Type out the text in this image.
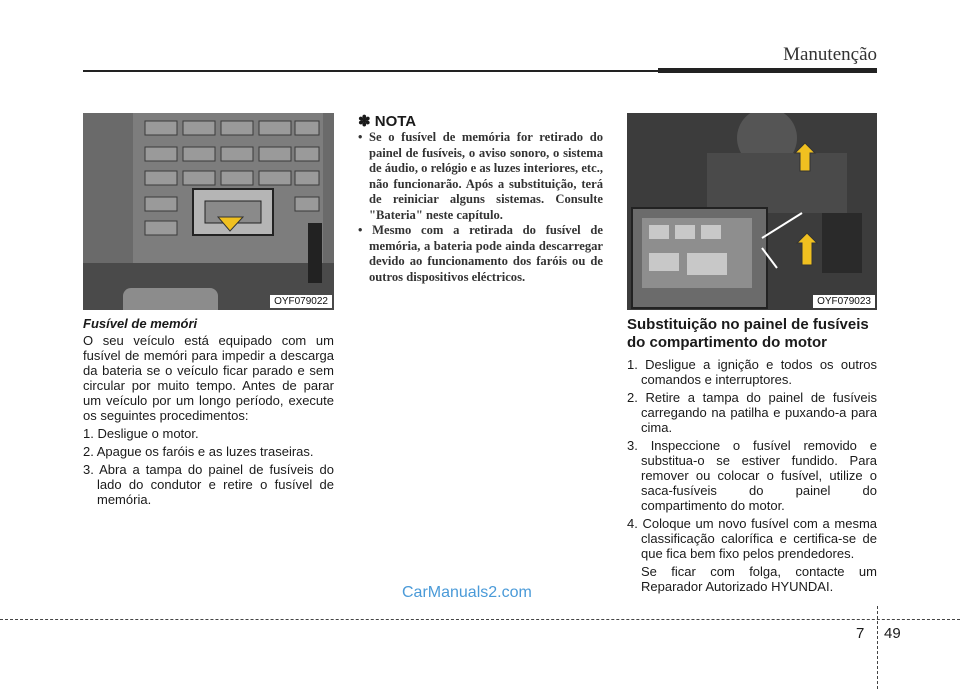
Manutenção
OYF079022
Fusível de memóri

O seu veículo está equipado com um fusível de memóri para impedir a descarga da bateria se o veículo ficar parado e sem circular por muito tempo. Antes de parar um veículo por um longo período, execute os seguintes procedimentos:

1. Desligue o motor.
2. Apague os faróis e as luzes traseiras.
3. Abra a tampa do painel de fusíveis do lado do condutor e retire o fusível de memória.
✽ NOTA

• Se o fusível de memória for retirado do painel de fusíveis, o aviso sonoro, o sistema de áudio, o relógio e as luzes interiores, etc., não funcionarão. Após a substituição, terá de reiniciar alguns sistemas. Consulte "Bateria" neste capítulo.

• Mesmo com a retirada do fusível de memória, a bateria pode ainda descarregar devido ao funcionamento dos faróis ou de outros dispositivos eléctricos.

OYF079023
Substituição no painel de fusíveis
do compartimento do motor
1. Desligue a ignição e todos os outros comandos e interruptores.
2. Retire a tampa do painel de fusíveis carregando na patilha e puxando-a para cima.
3. Inspeccione o fusível removido e substitua-o se estiver fundido. Para remover ou colocar o fusível, utilize o saca-fusíveis do painel do compartimento do motor.
4. Coloque um novo fusível com a mesma classificação calorífica e certifica-se de que fica bem fixo pelos prendedores.

Se ficar com folga, contacte um Reparador Autorizado HYUNDAI.

CarManuals2.com
7 49
